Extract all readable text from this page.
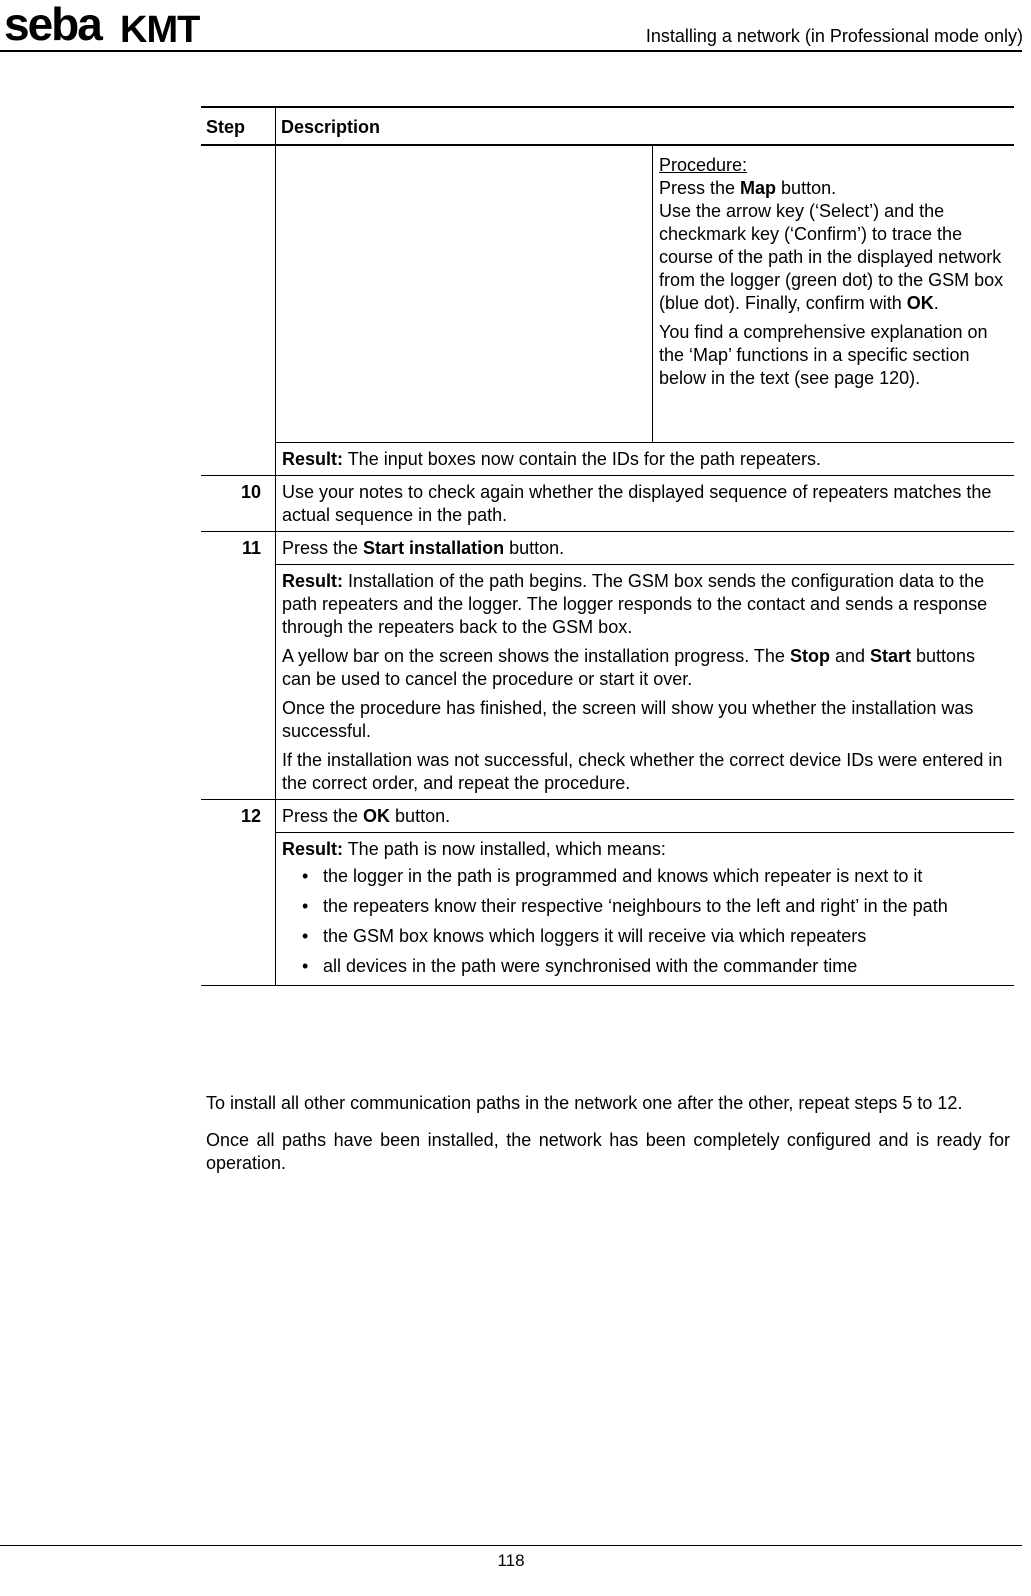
seba KMT	Installing a network (in Professional mode only)
Step	Description

Procedure:
Press the Map button.

Use the arrow key (‘Select’) and the checkmark key (‘Confirm’) to trace the course of the path in the displayed network from the logger (green dot) to the GSM box (blue dot). Finally, confirm with OK.

You find a comprehensive explanation on the ‘Map’ functions in a specific section below in the text (see page 120).

Result: The input boxes now contain the IDs for the path repeaters.
10	Use your notes to check again whether the displayed sequence of repeaters matches the actual sequence in the path.
11	Press the Start installation button.

Result: Installation of the path begins. The GSM box sends the configuration data to the path repeaters and the logger. The logger responds to the contact and sends a response through the repeaters back to the GSM box.

A yellow bar on the screen shows the installation progress. The Stop and Start buttons can be used to cancel the procedure or start it over.

Once the procedure has finished, the screen will show you whether the installation was successful.

If the installation was not successful, check whether the correct device IDs were entered in the correct order, and repeat the procedure.

12	Press the OK button.

Result: The path is now installed, which means:
• the logger in the path is programmed and knows which repeater is next to it
• the repeaters know their respective ‘neighbours to the left and right’ in the path
• the GSM box knows which loggers it will receive via which repeaters
• all devices in the path were synchronised with the commander time

To install all other communication paths in the network one after the other, repeat steps 5 to 12.

Once all paths have been installed, the network has been completely configured and is ready for operation.

118
